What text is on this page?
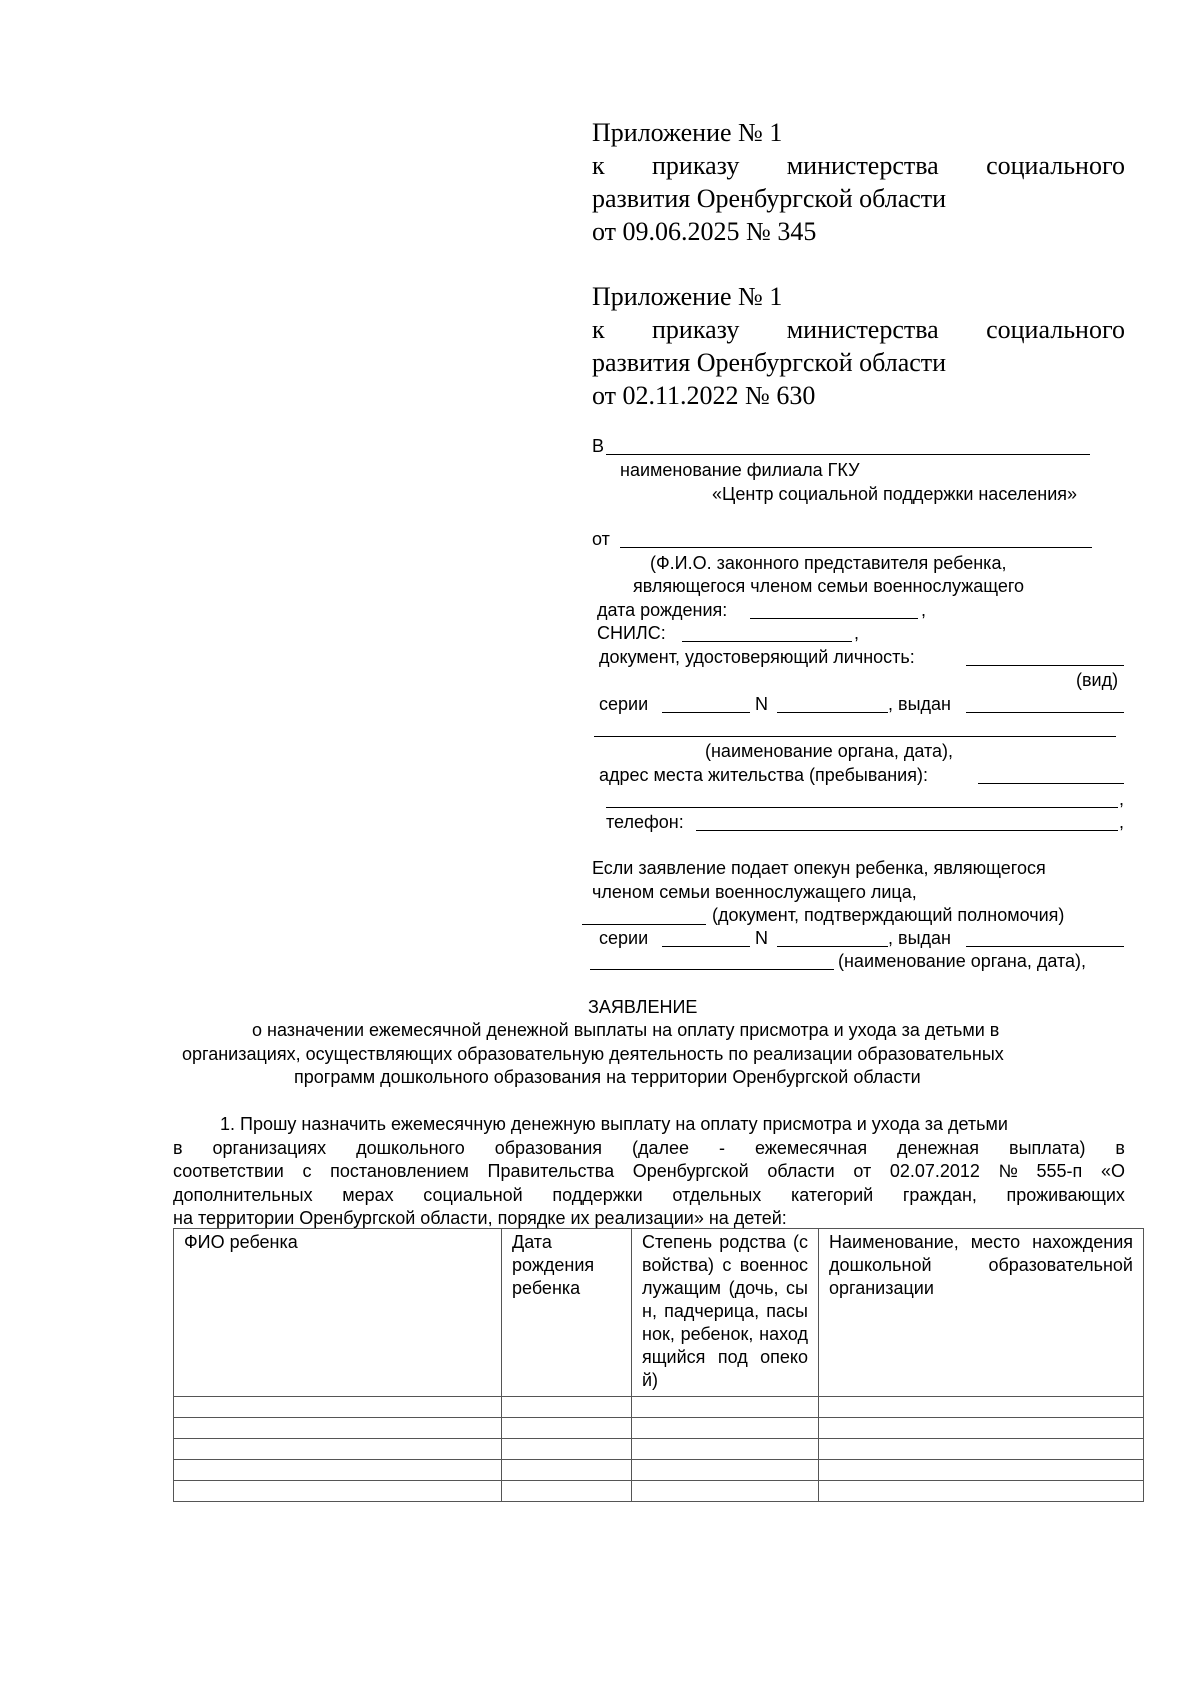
Приложение № 1
к приказу министерства социального
развития Оренбургской области
от 09.06.2025 № 345
Приложение № 1
к приказу министерства социального
развития Оренбургской области
от 02.11.2022 № 630
В
наименование филиала ГКУ
«Центр социальной поддержки населения»
от
(Ф.И.О. законного представителя ребенка,
являющегося членом семьи военнослужащего
дата рождения:	,
СНИЛС:	,
документ, удостоверяющий личность:
(вид)
серии	N	, выдан
(наименование органа, дата),
адрес места жительства (пребывания):
,
телефон:	,
Если заявление подает опекун ребенка, являющегося
членом семьи военнослужащего лица,
(документ, подтверждающий полномочия)
серии	N	, выдан
(наименование органа, дата),
ЗАЯВЛЕНИЕ
о назначении ежемесячной денежной выплаты на оплату присмотра и ухода за детьми в
организациях, осуществляющих образовательную деятельность по реализации образовательных
программ дошкольного образования на территории Оренбургской области
1. Прошу назначить ежемесячную денежную выплату на оплату присмотра и ухода за детьми
в организациях дошкольного образования (далее - ежемесячная денежная выплата) в
соответствии с постановлением Правительства Оренбургской области от 02.07.2012 № 555-п «О
дополнительных мерах социальной поддержки отдельных категорий граждан, проживающих
на территории Оренбургской области, порядке их реализации» на детей:
ФИО ребенка	Дата рождения ребенка	Степень родства (свойства) с военнослужащим (дочь, сын, падчерица, пасынок, ребенок, находящийся под опекой)	Наименование, место нахождения дошкольной образовательной организации
